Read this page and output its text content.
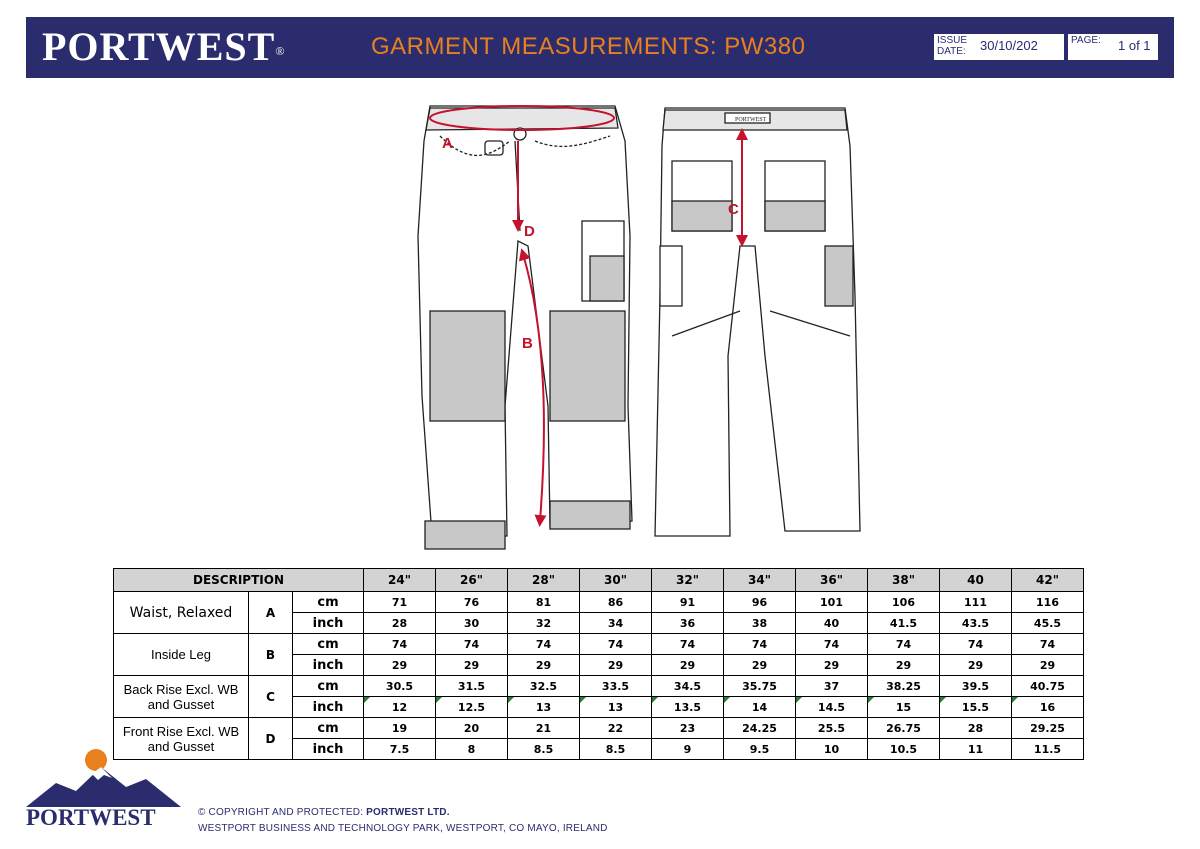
PORTWEST®	GARMENT MEASUREMENTS: PW380	ISSUE
DATE: 30/10/202	PAGE: 1 of 1
A
B
C
D
PORTWEST
DESCRIPTION			24"	26"	28"	30"	32"	34"	36"	38"	40	42"
Waist, Relaxed	A	cm	71	76	81	86	91	96	101	106	111	116
		inch	28	30	32	34	36	38	40	41.5	43.5	45.5
Inside Leg	B	cm	74	74	74	74	74	74	74	74	74	74
		inch	29	29	29	29	29	29	29	29	29	29
Back Rise Excl. WB and Gusset	C	cm	30.5	31.5	32.5	33.5	34.5	35.75	37	38.25	39.5	40.75
		inch	12	12.5	13	13	13.5	14	14.5	15	15.5	16
Front Rise Excl. WB and Gusset	D	cm	19	20	21	22	23	24.25	25.5	26.75	28	29.25
		inch	7.5	8	8.5	8.5	9	9.5	10	10.5	11	11.5
PORTWEST	© COPYRIGHT AND PROTECTED: PORTWEST LTD.
WESTPORT BUSINESS AND TECHNOLOGY PARK, WESTPORT, CO MAYO, IRELAND
